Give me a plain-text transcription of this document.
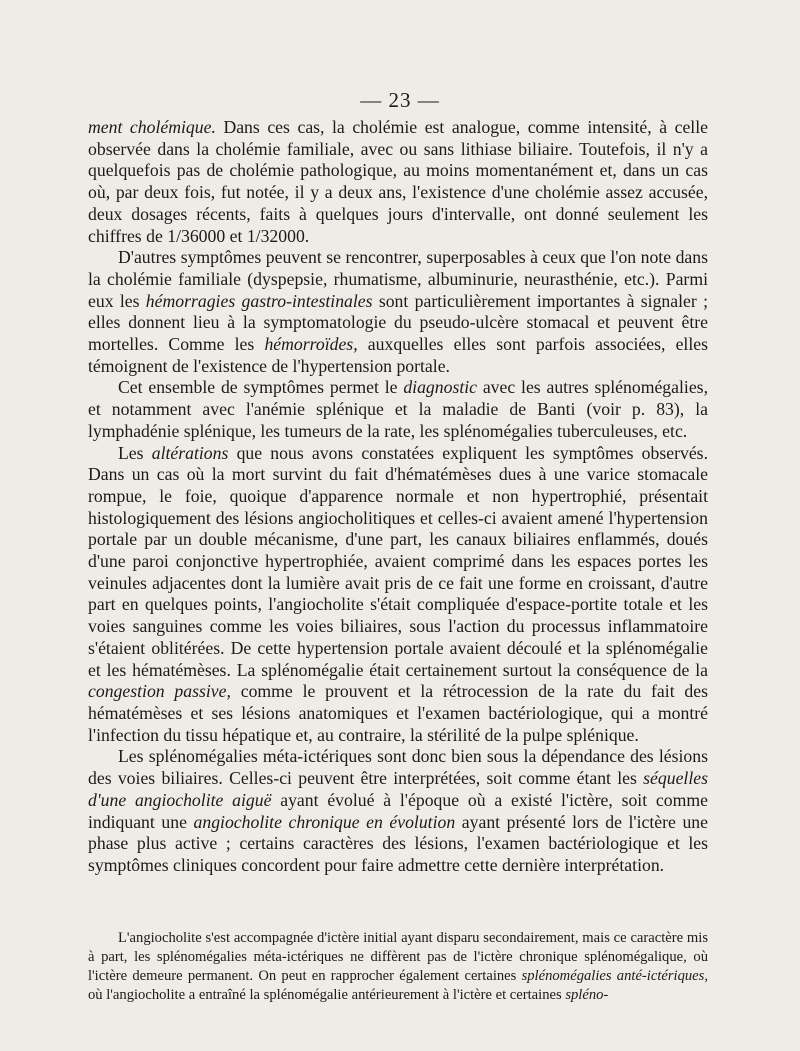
— 23 —

ment cholémique. Dans ces cas, la cholémie est analogue, comme intensité, à celle observée dans la cholémie familiale, avec ou sans lithiase biliaire. Toutefois, il n'y a quelquefois pas de cholémie pathologique, au moins momentanément et, dans un cas où, par deux fois, fut notée, il y a deux ans, l'existence d'une cholémie assez accusée, deux dosages récents, faits à quelques jours d'intervalle, ont donné seulement les chiffres de 1/36000 et 1/32000.

D'autres symptômes peuvent se rencontrer, superposables à ceux que l'on note dans la cholémie familiale (dyspepsie, rhumatisme, albuminurie, neurasthénie, etc.). Parmi eux les hémorragies gastro-intestinales sont particulièrement importantes à signaler ; elles donnent lieu à la symptomatologie du pseudo-ulcère stomacal et peuvent être mortelles. Comme les hémorroïdes, auxquelles elles sont parfois associées, elles témoignent de l'existence de l'hypertension portale.

Cet ensemble de symptômes permet le diagnostic avec les autres splénomégalies, et notamment avec l'anémie splénique et la maladie de Banti (voir p. 83), la lymphadénie splénique, les tumeurs de la rate, les splénomégalies tuberculeuses, etc.

Les altérations que nous avons constatées expliquent les symptômes observés. Dans un cas où la mort survint du fait d'hématémèses dues à une varice stomacale rompue, le foie, quoique d'apparence normale et non hypertrophié, présentait histologiquement des lésions angiocholitiques et celles-ci avaient amené l'hypertension portale par un double mécanisme, d'une part, les canaux biliaires enflammés, doués d'une paroi conjonctive hypertrophiée, avaient comprimé dans les espaces portes les veinules adjacentes dont la lumière avait pris de ce fait une forme en croissant, d'autre part en quelques points, l'angiocholite s'était compliquée d'espace-portite totale et les voies sanguines comme les voies biliaires, sous l'action du processus inflammatoire s'étaient oblitérées. De cette hypertension portale avaient découlé et la splénomégalie et les hématémèses. La splénomégalie était certainement surtout la conséquence de la congestion passive, comme le prouvent et la rétrocession de la rate du fait des hématémèses et ses lésions anatomiques et l'examen bactériologique, qui a montré l'infection du tissu hépatique et, au contraire, la stérilité de la pulpe splénique.

Les splénomégalies méta-ictériques sont donc bien sous la dépendance des lésions des voies biliaires. Celles-ci peuvent être interprétées, soit comme étant les séquelles d'une angiocholite aiguë ayant évolué à l'époque où a existé l'ictère, soit comme indiquant une angiocholite chronique en évolution ayant présenté lors de l'ictère une phase plus active ; certains caractères des lésions, l'examen bactériologique et les symptômes cliniques concordent pour faire admettre cette dernière interprétation.

L'angiocholite s'est accompagnée d'ictère initial ayant disparu secondairement, mais ce caractère mis à part, les splénomégalies méta-ictériques ne diffèrent pas de l'ictère chronique splénomégalique, où l'ictère demeure permanent. On peut en rapprocher également certaines splénomégalies anté-ictériques, où l'angiocholite a entraîné la splénomégalie antérieurement à l'ictère et certaines spléno-
